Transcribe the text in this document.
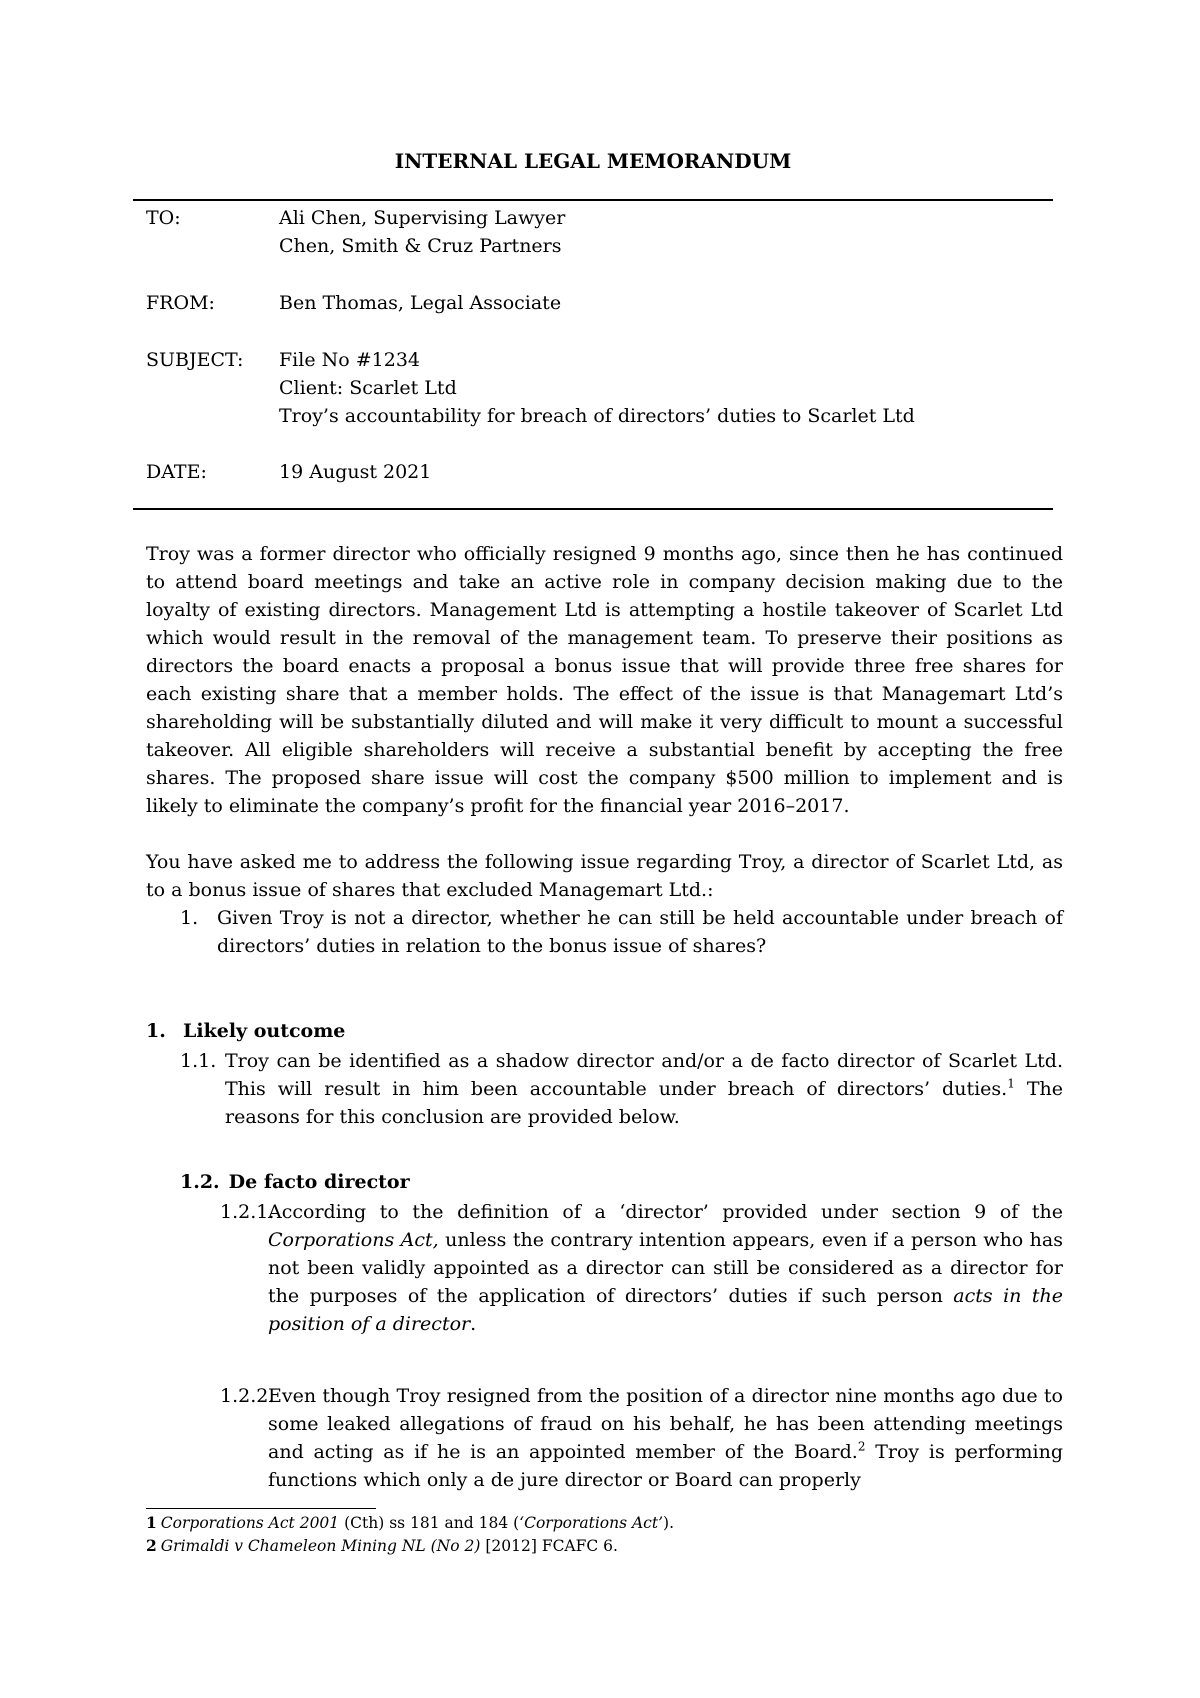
INTERNAL LEGAL MEMORANDUM
TO:	Ali Chen, Supervising Lawyer
Chen, Smith & Cruz Partners
FROM:	Ben Thomas, Legal Associate
SUBJECT:	File No #1234
Client: Scarlet Ltd
Troy’s accountability for breach of directors’ duties to Scarlet Ltd
DATE:	19 August 2021
Troy was a former director who officially resigned 9 months ago, since then he has continued to attend board meetings and take an active role in company decision making due to the loyalty of existing directors. Management Ltd is attempting a hostile takeover of Scarlet Ltd which would result in the removal of the management team. To preserve their positions as directors the board enacts a proposal a bonus issue that will provide three free shares for each existing share that a member holds. The effect of the issue is that Managemart Ltd’s shareholding will be substantially diluted and will make it very difficult to mount a successful takeover. All eligible shareholders will receive a substantial benefit by accepting the free shares. The proposed share issue will cost the company $500 million to implement and is likely to eliminate the company’s profit for the financial year 2016–2017.
You have asked me to address the following issue regarding Troy, a director of Scarlet Ltd, as to a bonus issue of shares that excluded Managemart Ltd.:
1. Given Troy is not a director, whether he can still be held accountable under breach of directors’ duties in relation to the bonus issue of shares?
1. Likely outcome
1.1. Troy can be identified as a shadow director and/or a de facto director of Scarlet Ltd. This will result in him been accountable under breach of directors’ duties.$^1$ The reasons for this conclusion are provided below.
1.2. De facto director
1.2.1.
According to the definition of a ‘director’ provided under section 9 of the Corporations Act, unless the contrary intention appears, even if a person who has not been validly appointed as a director can still be considered as a director for the purposes of the application of directors’ duties if such person acts in the position of a director.
1.2.2.
Even though Troy resigned from the position of a director nine months ago due to some leaked allegations of fraud on his behalf, he has been attending meetings and acting as if he is an appointed member of the Board.$^2$ Troy is performing functions which only a de jure director or Board can properly
1 Corporations Act 2001 (Cth) ss 181 and 184 (‘Corporations Act’).
2 Grimaldi v Chameleon Mining NL (No 2) [2012] FCAFC 6.
